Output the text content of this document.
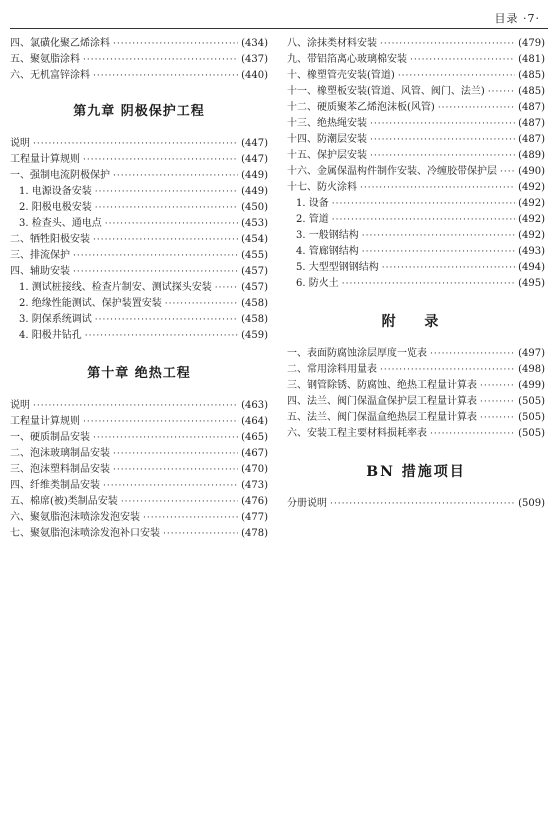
目录 ·7·
四、氯磺化聚乙烯涂料 ·····	(434)
五、聚氨脂涂料 ·····	(437)
六、无机富锌涂料 ·····	(440)
第九章 阴极保护工程
说明 ·····	(447)
工程量计算规则 ·····	(447)
一、强制电流阴极保护 ·····	(449)
1. 电源设备安装 ·····	(449)
2. 阳极电极安装 ·····	(450)
3. 检查头、通电点 ·····	(453)
二、牺牲阳极安装 ·····	(454)
三、排流保护 ·····	(455)
四、辅助安装 ·····	(457)
1. 测试桩接线、检查片制安、测试探头安装 ·····	(457)
2. 绝缘性能测试、保护装置安装 ·····	(458)
3. 阴保系统调试 ·····	(458)
4. 阳极井钻孔 ·····	(459)
第十章 绝热工程
说明 ·····	(463)
工程量计算规则 ·····	(464)
一、硬质制品安装 ·····	(465)
二、泡沫玻璃制品安装 ·····	(467)
三、泡沫塑料制品安装 ·····	(470)
四、纤维类制品安装 ·····	(473)
五、棉席(被)类制品安装 ·····	(476)
六、聚氨脂泡沫喷涂发泡安装 ·····	(477)
七、聚氨脂泡沫喷涂发泡补口安装 ·····	(478)
八、涂抹类材料安装 ·····	(479)
九、带铝箔离心玻璃棉安装 ·····	(481)
十、橡塑管壳安装(管道) ·····	(485)
十一、橡塑板安装(管道、风管、阀门、法兰) ·····	(485)
十二、硬质聚苯乙烯泡沫板(风管) ·····	(487)
十三、绝热绳安装 ·····	(487)
十四、防潮层安装 ·····	(487)
十五、保护层安装 ·····	(489)
十六、金属保温构件制作安装、冷缠胶带保护层 ····· (490)
十七、防火涂料 ·····	(492)
1. 设备 ·····	(492)
2. 管道 ·····	(492)
3. 一般钢结构 ·····	(492)
4. 管廊钢结构 ·····	(493)
5. 大型型钢钢结构 ·····	(494)
6. 防火土 ·····	(495)
附 录
一、表面防腐蚀涂层厚度一览表 ·····	(497)
二、常用涂料用量表 ·····	(498)
三、钢管除锈、防腐蚀、绝热工程量计算表 ·····	(499)
四、法兰、阀门保温盒保护层工程量计算表 ·····	(505)
五、法兰、阀门保温盒绝热层工程量计算表 ·····	(505)
六、安装工程主要材料损耗率表 ·····	(505)
BN 措施项目
分册说明 ·····	(509)
